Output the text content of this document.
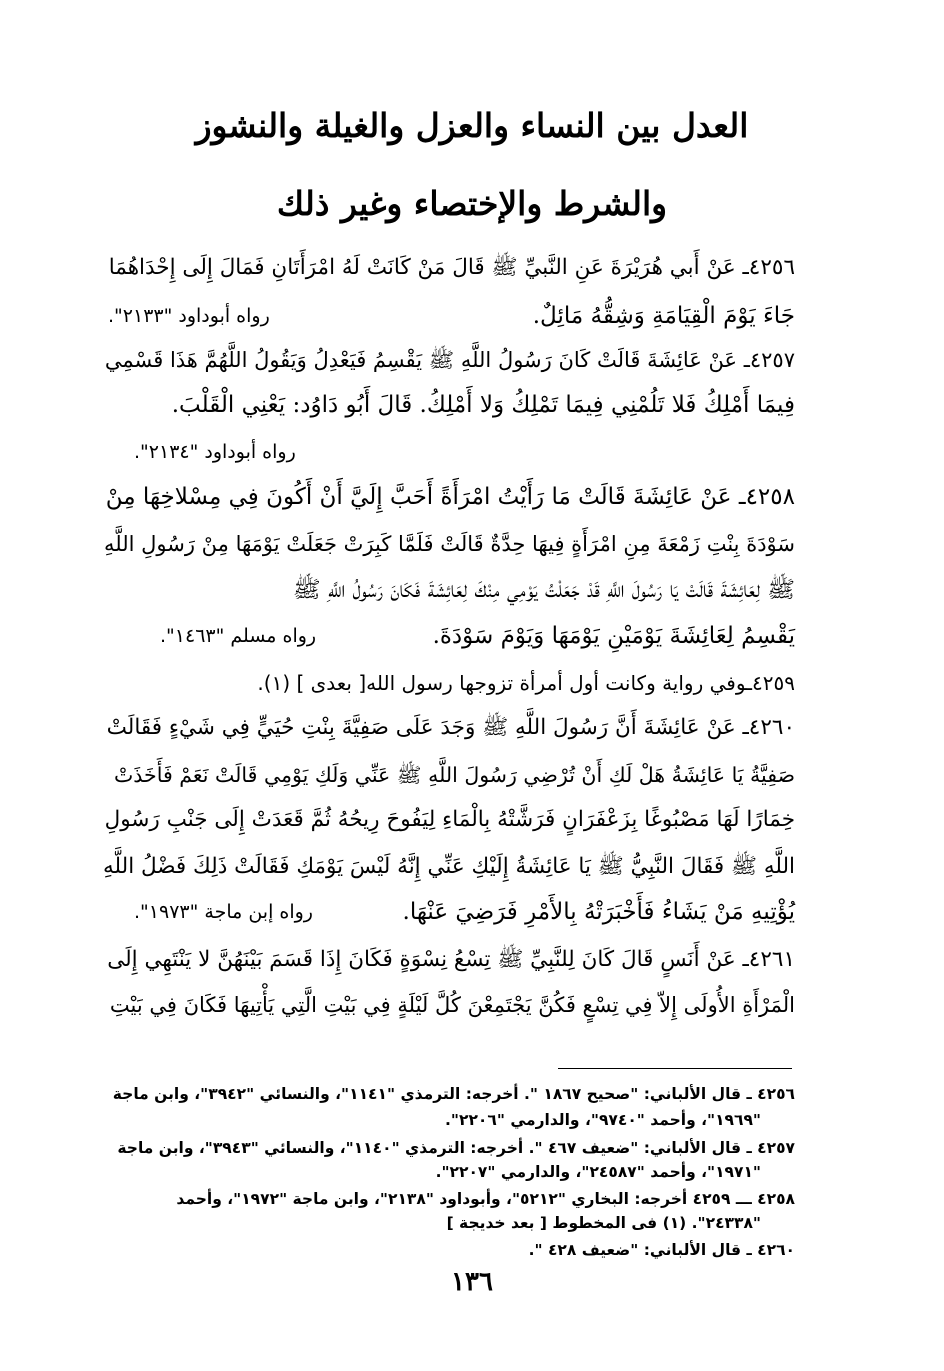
العدل بين النساء والعزل والغيلة والنشوز
والشرط والإختصاء وغير ذلك
٤٢٥٦ـ عَنْ أَبي هُرَيْرَةَ عَنِ النَّبيِّ ﷺ قَالَ مَنْ كَانَتْ لَهُ امْرَأَتَانِ فَمَالَ إِلَى إِحْدَاهُمَا
جَاءَ يَوْمَ الْقِيَامَةِ وَشِقُّهُ مَائِلٌ.
رواه أبوداود "٢١٣٣".
٤٢٥٧ـ عَنْ عَائِشَةَ قَالَتْ كَانَ رَسُولُ اللَّهِ ﷺ يَقْسِمُ فَيَعْدِلُ وَيَقُولُ اللَّهُمَّ هَذَا قَسْمِي
فِيمَا أَمْلِكُ فَلا تَلُمْنِي فِيمَا تَمْلِكُ وَلا أَمْلِكُ. قَالَ أَبُو دَاوُد: يَعْنِي الْقَلْبَ.
رواه أبوداود "٢١٣٤".
٤٢٥٨ـ عَنْ عَائِشَةَ قَالَتْ مَا رَأَيْتُ امْرَأَةً أَحَبَّ إِلَيَّ أَنْ أَكُونَ فِي مِسْلاخِهَا مِنْ
سَوْدَةَ بِنْتِ زَمْعَةَ مِنِ امْرَأَةٍ فِيهَا حِدَّةٌ قَالَتْ فَلَمَّا كَبِرَتْ جَعَلَتْ يَوْمَهَا مِنْ رَسُولِ اللَّهِ
ﷺ لِعَائِشَةَ قَالَتْ يَا رَسُولَ اللَّهِ قَدْ جَعَلْتُ يَوْمِي مِنْكَ لِعَائِشَةَ فَكَانَ رَسُولُ اللَّهِ ﷺ
يَقْسِمُ لِعَائِشَةَ يَوْمَيْنِ يَوْمَهَا وَيَوْمَ سَوْدَةَ.
رواه مسلم "١٤٦٣".
٤٢٥٩ـوفي رواية وكانت أول أمرأة تزوجها رسول الله[ بعدى ] (١).
٤٢٦٠ـ عَنْ عَائِشَةَ أَنَّ رَسُولَ اللَّهِ ﷺ وَجَدَ عَلَى صَفِيَّةَ بِنْتِ حُيَيٍّ فِي شَيْءٍ فَقَالَتْ
صَفِيَّةُ يَا عَائِشَةُ هَلْ لَكِ أَنْ تُرْضِي رَسُولَ اللَّهِ ﷺ عَنِّي وَلَكِ يَوْمِي قَالَتْ نَعَمْ فَأَخَذَتْ
خِمَارًا لَهَا مَصْبُوغًا بِزَعْفَرَانٍ فَرَشَّتْهُ بِالْمَاءِ لِيَفُوحَ رِيحُهُ ثُمَّ قَعَدَتْ إِلَى جَنْبِ رَسُولِ
اللَّهِ ﷺ فَقَالَ النَّبِيُّ ﷺ يَا عَائِشَةُ إِلَيْكِ عَنِّي إِنَّهُ لَيْسَ يَوْمَكِ فَقَالَتْ ذَلِكَ فَضْلُ اللَّهِ
يُؤْتِيهِ مَنْ يَشَاءُ فَأَخْبَرَتْهُ بِالأَمْرِ فَرَضِيَ عَنْهَا.
رواه إبن ماجة "١٩٧٣".
٤٢٦١ـ عَنْ أَنَسٍ قَالَ كَانَ لِلنَّبِيِّ ﷺ تِسْعُ نِسْوَةٍ فَكَانَ إِذَا قَسَمَ بَيْنَهُنَّ لا يَنْتَهِي إِلَى
الْمَرْأَةِ الأُولَى إِلاّ فِي تِسْعٍ فَكُنَّ يَجْتَمِعْنَ كُلَّ لَيْلَةٍ فِي بَيْتِ الَّتِي يَأْتِيهَا فَكَانَ فِي بَيْتِ
٤٢٥٦ ـ قال الألباني: "صحيح ١٨٦٧ ". أخرجه: الترمذي "١١٤١"، والنسائي "٣٩٤٢"، وابن ماجة
"١٩٦٩"، وأحمد "٩٧٤٠"، والدارمي "٢٢٠٦".
٤٢٥٧ ـ قال الألباني: "ضعيف ٤٦٧ ". أخرجه: الترمذي "١١٤٠"، والنسائي "٣٩٤٣"، وابن ماجة
"١٩٧١"، وأحمد "٢٤٥٨٧"، والدارمي "٢٢٠٧".
٤٢٥٨ ـــ ٤٢٥٩ أخرجه: البخاري "٥٢١٢"، وأبوداود "٢١٣٨"، وابن ماجة "١٩٧٢"، وأحمد
"٢٤٣٣٨". (١) فى المخطوط [ بعد خديجة ]
٤٢٦٠ ـ قال الألباني: "ضعيف ٤٢٨ ".
١٣٦
